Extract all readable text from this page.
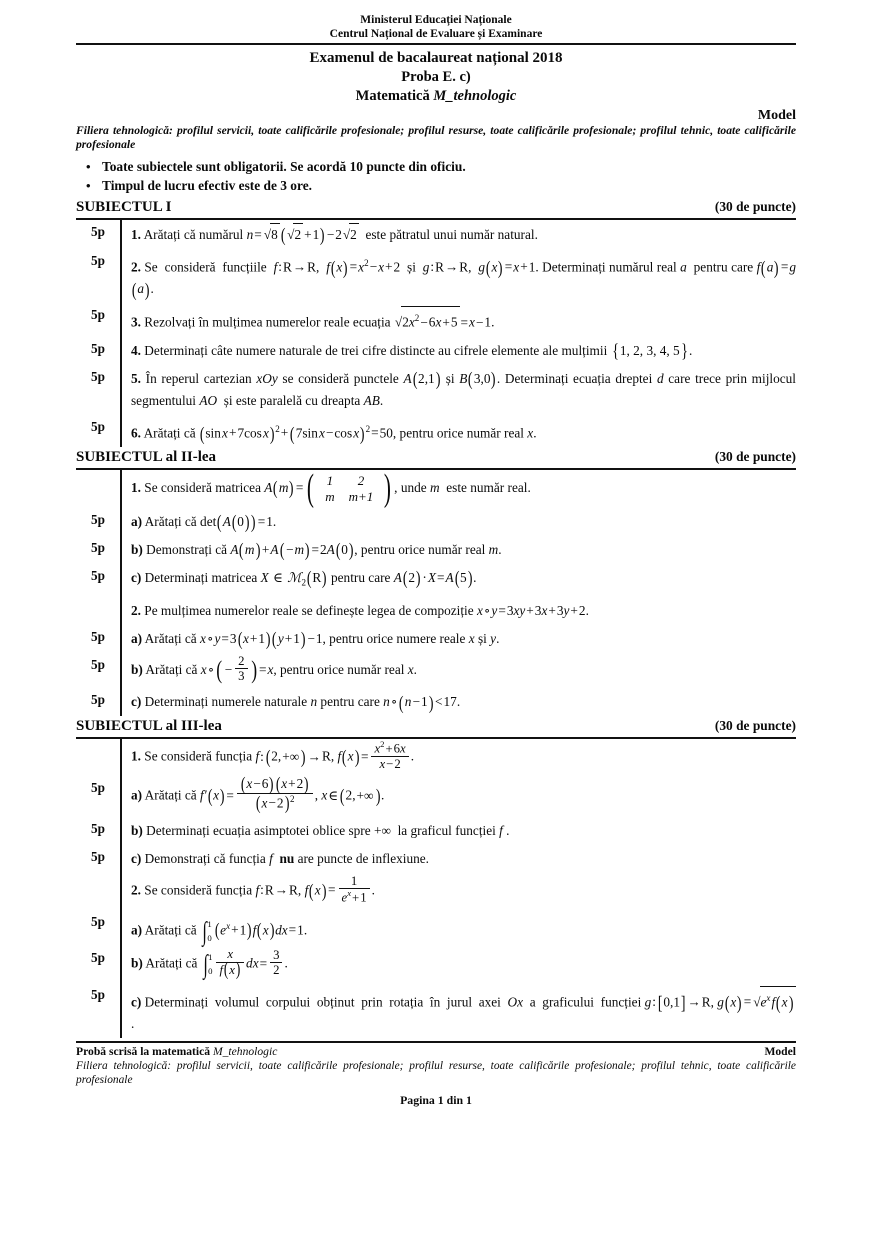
Ministerul Educației Naționale
Centrul Național de Evaluare și Examinare
Examenul de bacalaureat național 2018
Proba E. c)
Matematică M_tehnologic
Model
Filiera tehnologică: profilul servicii, toate calificările profesionale; profilul resurse, toate calificările profesionale; profilul tehnic, toate calificările profesionale
• Toate subiectele sunt obligatorii. Se acordă 10 puncte din oficiu.
• Timpul de lucru efectiv este de 3 ore.
SUBIECTUL I	(30 de puncte)
5p	1. Arătați că numărul n= √8 ( √2 +1) −2√2  este pătratul unui număr natural.
5p	2. Se  consideră  funcțiile  f:R→R,  $f(x) =x^2-x+2$  și  g:R→R,  g(x) =x+1. Determinați numărul real a  pentru care f(a) =g(a).
5p	3. Rezolvați în mulțimea numerelor reale ecuația $√2x^2-6x+5 =x-1$.
5p	4. Determinați câte numere naturale de trei cifre distincte au cifrele elemente ale mulțimii {1, 2, 3, 4, 5}.
5p	5. În reperul cartezian xOy se consideră punctele A(2,1) și B(3,0). Determinați ecuația dreptei d care trece prin mijlocul segmentului AO  și este paralelă cu dreapta AB.
5p	6. Arătați că (sin x+7cos x)$^2$+(7sin x−cos x)$^2$=50, pentru orice număr real x.
SUBIECTUL al II-lea	(30 de puncte)
	1. Se consideră matricea A(m) = ( 1	2
m	m+1 ) , unde m  este număr real.
5p	a) Arătați că det(A(0)) =1.
5p	b) Demonstrați că A(m) +A( −m) =2A(0), pentru orice număr real m.
5p	c) Determinați matricea X ∈ ℳ$_2$(R) pentru care A(2) ·X=A(5).
	2. Pe mulțimea numerelor reale se definește legea de compoziție x∘y=3xy+3x+3y+2.
5p	a) Arătați că x∘y=3(x+1)(y+1) −1, pentru orice numere reale x și y.
5p	b) Arătați că x∘( − $\frac{2}{3}$ ) =x, pentru orice număr real x.
5p	c) Determinați numerele naturale n pentru care n∘(n−1) <17.
SUBIECTUL al III-lea	(30 de puncte)
	1. Se consideră funcția f:(2,+∞) →R, $f(x) = \frac{x^2+6x}{x-2}$ .
5p	a) Arătați că $f'(x) = \frac{(x-6)(x+2)}{(x-2)^2}$ , x∈(2,+∞).
5p	b) Determinați ecuația asimptotei oblice spre +∞  la graficul funcției f .
5p	c) Demonstrați că funcția f nu are puncte de inflexiune.
	2. Se consideră funcția f:R→R, $f(x) = \frac{1}{e^x+1}$ .
5p	a) Arătați că ∫ 1
0 $(e^x+1)f(x)dx=1$.
5p	b) Arătați că ∫ 1
$0 \frac{x}{f(x)} dx= \frac{3}{2}$ .
5p	c) Determinați  volumul  corpului  obținut  prin  rotația  în  jurul  axei  Ox  a  graficului  funcției g:[0,1] →R, $g(x) = √e^x$ f(x).
Probă scrisă la matematică M_tehnologic	Model
Filiera tehnologică: profilul servicii, toate calificările profesionale; profilul resurse, toate calificările profesionale; profilul tehnic, toate calificările profesionale
Pagina 1 din 1
